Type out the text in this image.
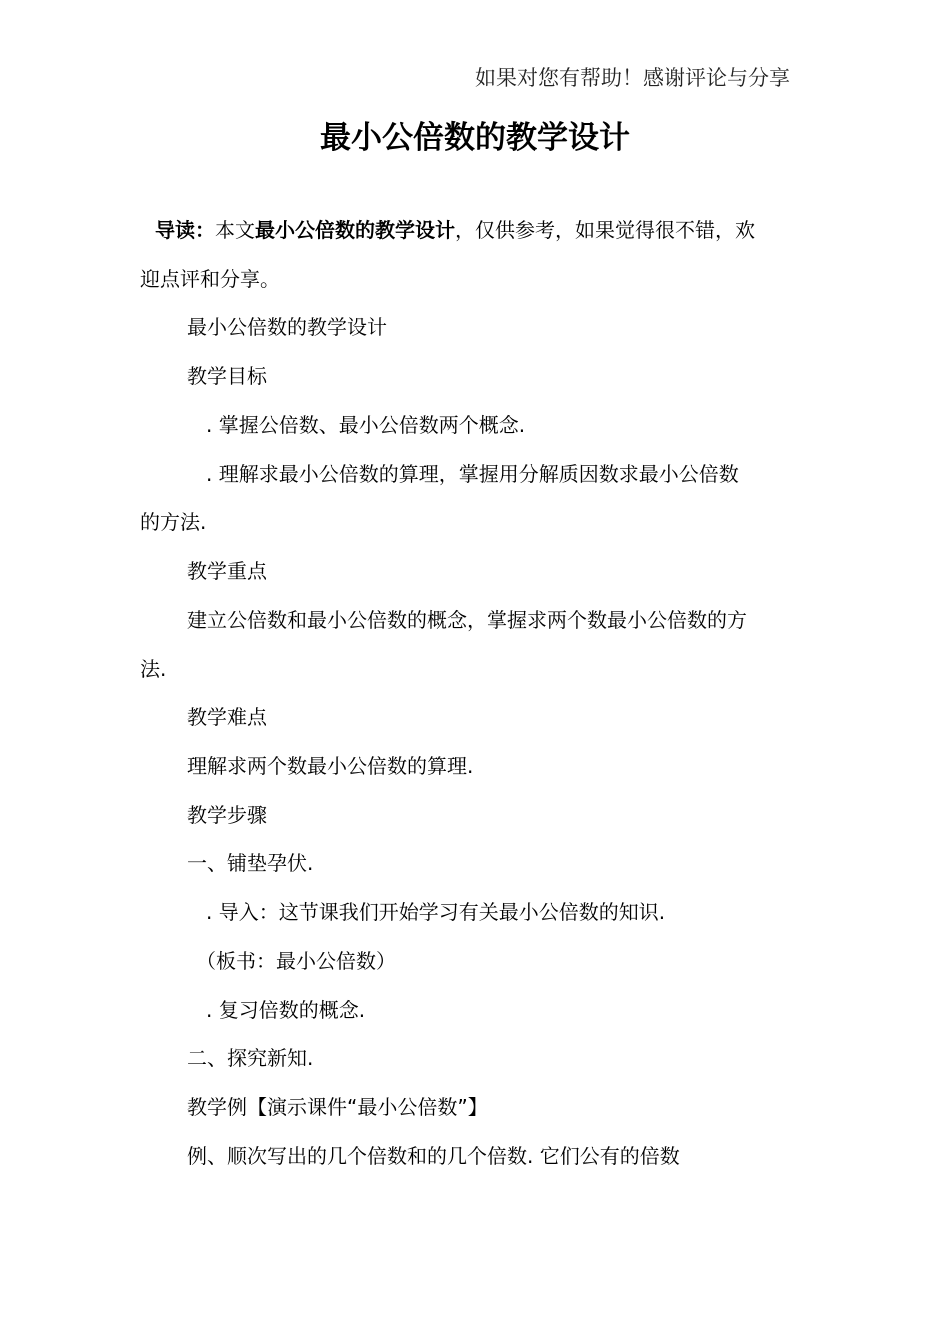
如果对您有帮助！感谢评论与分享
最小公倍数的教学设计
导读：本文最小公倍数的教学设计，仅供参考，如果觉得很不错，欢
迎点评和分享。
最小公倍数的教学设计
教学目标
. 掌握公倍数、最小公倍数两个概念.
. 理解求最小公倍数的算理，掌握用分解质因数求最小公倍数
的方法.
教学重点
建立公倍数和最小公倍数的概念，掌握求两个数最小公倍数的方
法.
教学难点
理解求两个数最小公倍数的算理.
教学步骤
一、铺垫孕伏.
. 导入：这节课我们开始学习有关最小公倍数的知识.
（板书：最小公倍数）
. 复习倍数的概念.
二、探究新知.
教学例【演示课件“最小公倍数”】
例、顺次写出的几个倍数和的几个倍数. 它们公有的倍数
